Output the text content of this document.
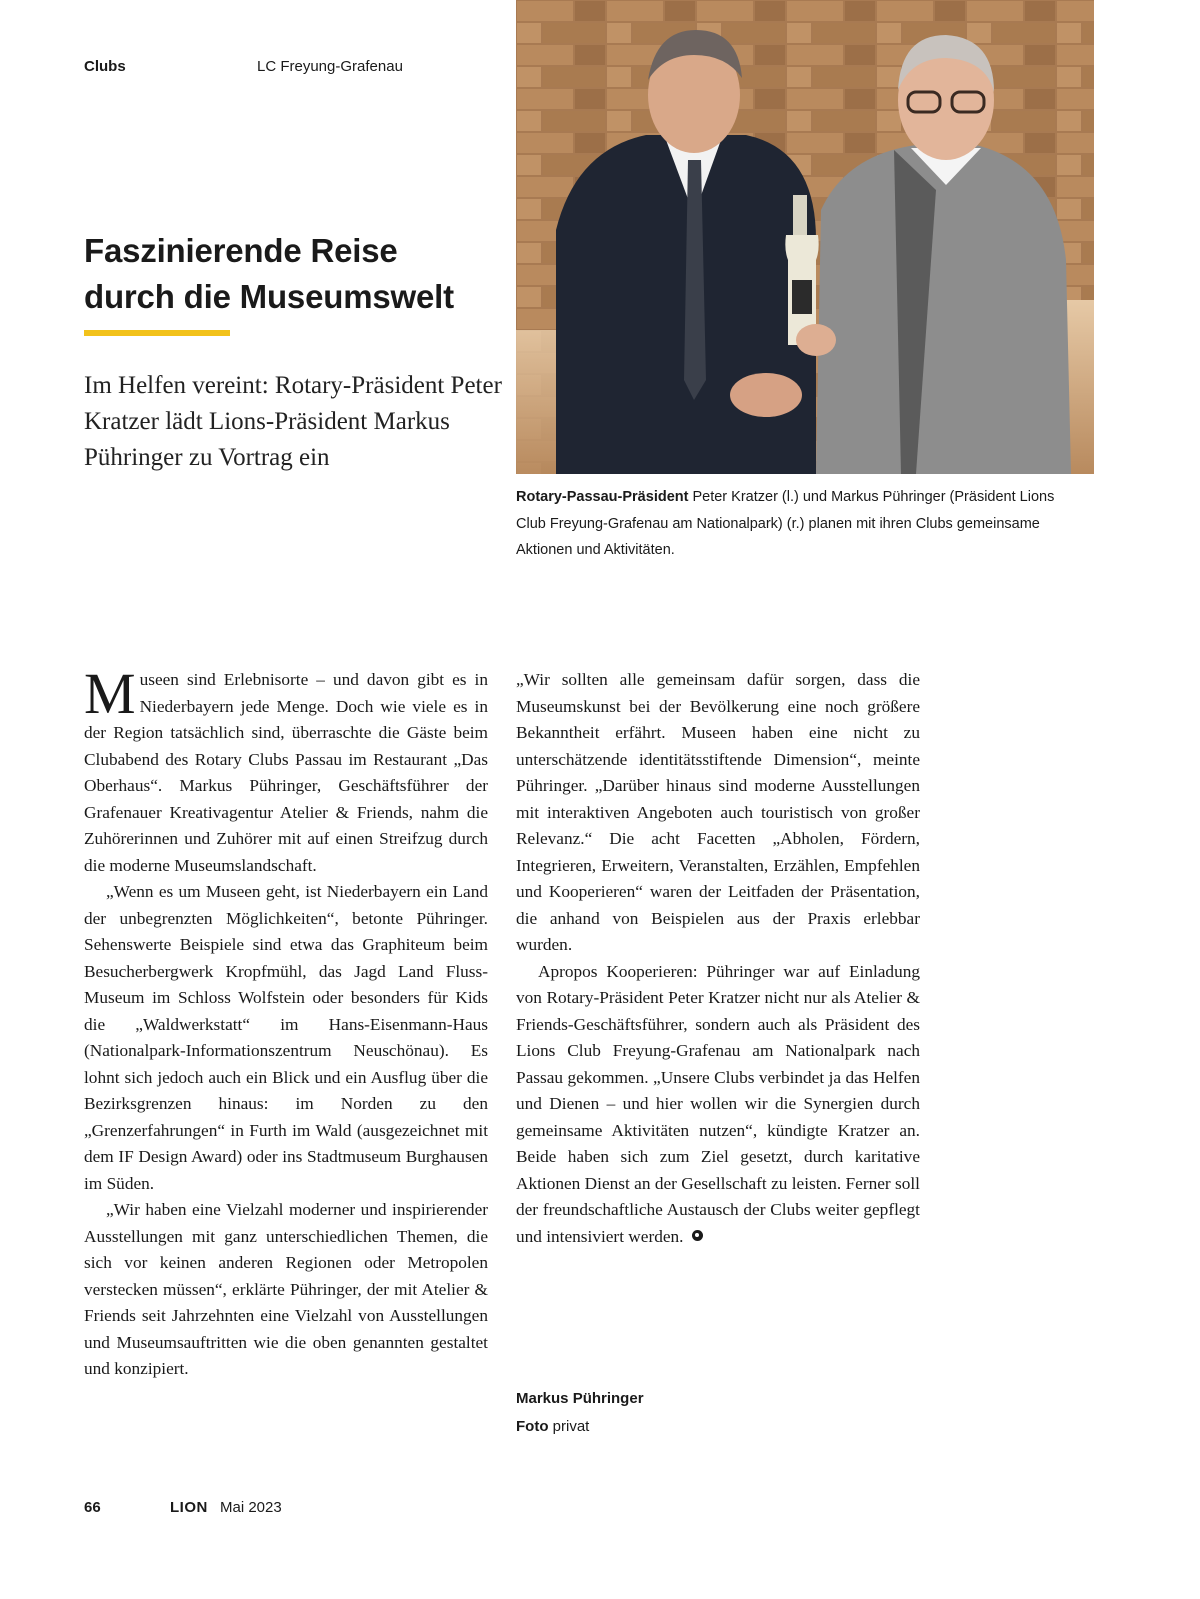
Clubs	LC Freyung-Grafenau
Faszinierende Reise
durch die Museumswelt
Im Helfen vereint: Rotary-Präsident Peter Kratzer lädt Lions-Präsident Markus Pühringer zu Vortrag ein

Rotary-Passau-Präsident Peter Kratzer (l.) und Markus Pühringer (Präsident Lions Club Freyung-Grafenau am Nationalpark) (r.) planen mit ihren Clubs gemeinsame Aktionen und Aktivitäten.

Museen sind Erlebnisorte – und davon gibt es in Niederbayern jede Menge. Doch wie viele es in der Region tatsächlich sind, überraschte die Gäste beim Clubabend des Rotary Clubs Passau im Restaurant „Das Oberhaus“. Markus Pühringer, Geschäftsführer der Grafenauer Kreativagentur Atelier & Friends, nahm die Zuhörerinnen und Zuhörer mit auf einen Streifzug durch die moderne Museumslandschaft.

„Wenn es um Museen geht, ist Niederbayern ein Land der unbegrenzten Möglichkeiten“, betonte Pühringer. Sehenswerte Beispiele sind etwa das Graphiteum beim Besucherbergwerk Kropfmühl, das Jagd Land Fluss-Museum im Schloss Wolfstein oder besonders für Kids die „Waldwerkstatt“ im Hans-Eisenmann-Haus (Nationalpark-Informationszentrum Neuschönau). Es lohnt sich jedoch auch ein Blick und ein Ausflug über die Bezirksgrenzen hinaus: im Norden zu den „Grenzerfahrungen“ in Furth im Wald (ausgezeichnet mit dem IF Design Award) oder ins Stadtmuseum Burghausen im Süden.

„Wir haben eine Vielzahl moderner und inspirierender Ausstellungen mit ganz unterschiedlichen Themen, die sich vor keinen anderen Regionen oder Metropolen verstecken müssen“, erklärte Pühringer, der mit Atelier & Friends seit Jahrzehnten eine Vielzahl von Ausstellungen und Museumsauftritten wie die oben genannten gestaltet und konzipiert.

„Wir sollten alle gemeinsam dafür sorgen, dass die Museumskunst bei der Bevölkerung eine noch größere Bekanntheit erfährt. Museen haben eine nicht zu unterschätzende identitätsstiftende Dimension“, meinte Pühringer. „Darüber hinaus sind moderne Ausstellungen mit interaktiven Angeboten auch touristisch von großer Relevanz.“ Die acht Facetten „Abholen, Fördern, Integrieren, Erweitern, Veranstalten, Erzählen, Empfehlen und Kooperieren“ waren der Leitfaden der Präsentation, die anhand von Beispielen aus der Praxis erlebbar wurden.

Apropos Kooperieren: Pühringer war auf Einladung von Rotary-Präsident Peter Kratzer nicht nur als Atelier & Friends-Geschäftsführer, sondern auch als Präsident des Lions Club Freyung-Grafenau am Nationalpark nach Passau gekommen. „Unsere Clubs verbindet ja das Helfen und Dienen – und hier wollen wir die Synergien durch gemeinsame Aktivitäten nutzen“, kündigte Kratzer an. Beide haben sich zum Ziel gesetzt, durch karitative Aktionen Dienst an der Gesellschaft zu leisten. Ferner soll der freundschaftliche Austausch der Clubs weiter gepflegt und intensiviert werden.

Markus Pühringer
Foto privat
66	LION Mai 2023
